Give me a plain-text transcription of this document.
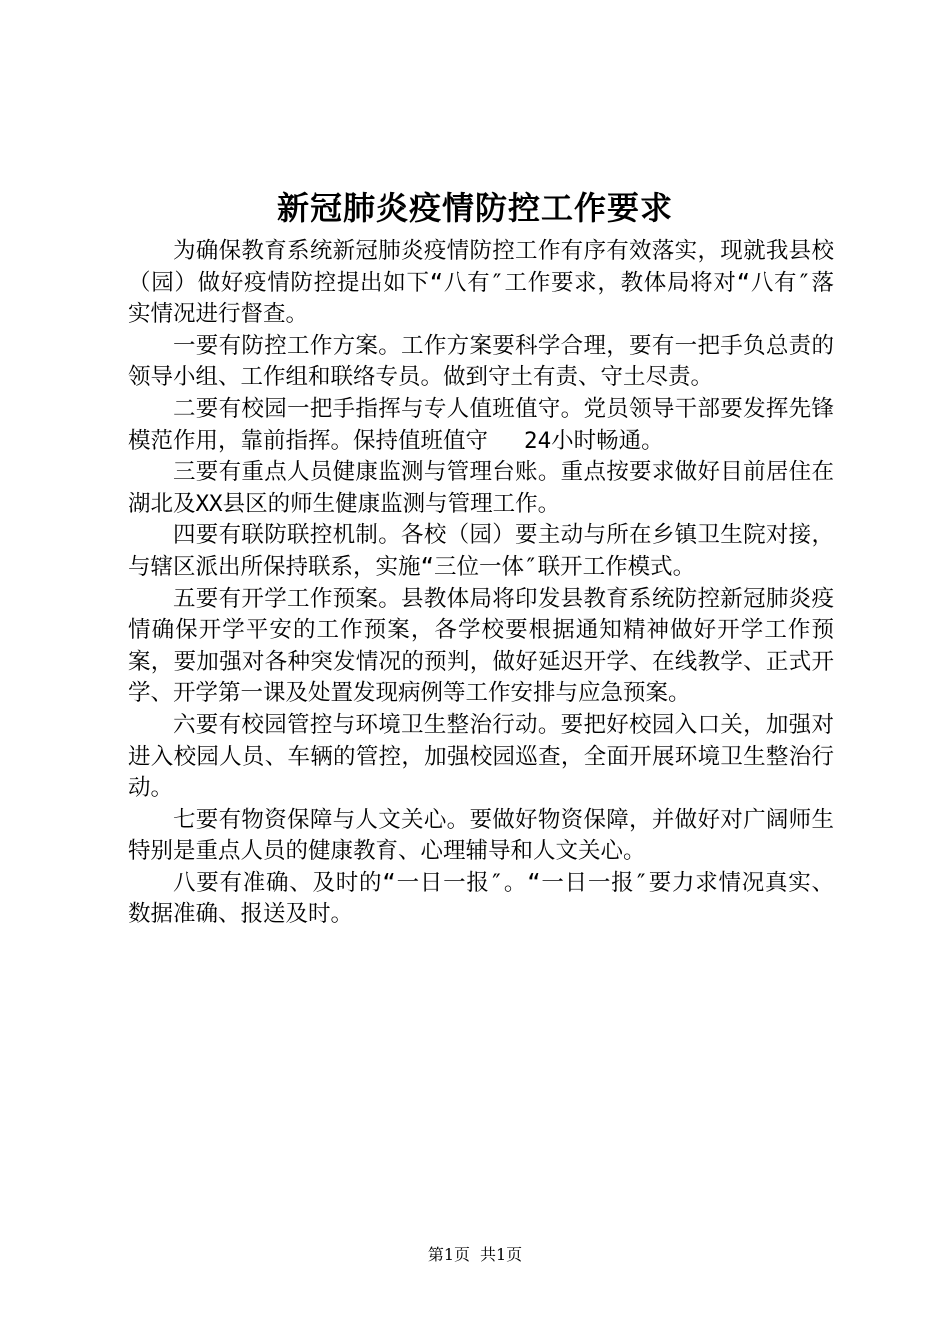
新冠肺炎疫情防控工作要求

为确保教育系统新冠肺炎疫情防控工作有序有效落实，现就我县校（园）做好疫情防控提出如下“八有″工作要求，教体局将对“八有″落实情况进行督查。

一要有防控工作方案。工作方案要科学合理，要有一把手负总责的领导小组、工作组和联络专员。做到守土有责、守土尽责。

二要有校园一把手指挥与专人值班值守。党员领导干部要发挥先锋模范作用，靠前指挥。保持值班值守　 24小时畅通。

三要有重点人员健康监测与管理台账。重点按要求做好目前居住在湖北及XX县区的师生健康监测与管理工作。

四要有联防联控机制。各校（园）要主动与所在乡镇卫生院对接，与辖区派出所保持联系，实施“三位一体″联开工作模式。

五要有开学工作预案。县教体局将印发县教育系统防控新冠肺炎疫情确保开学平安的工作预案，各学校要根据通知精神做好开学工作预案，要加强对各种突发情况的预判，做好延迟开学、在线教学、正式开学、开学第一课及处置发现病例等工作安排与应急预案。

六要有校园管控与环境卫生整治行动。要把好校园入口关，加强对进入校园人员、车辆的管控，加强校园巡查，全面开展环境卫生整治行动。

七要有物资保障与人文关心。要做好物资保障，并做好对广阔师生特别是重点人员的健康教育、心理辅导和人文关心。

八要有准确、及时的“一日一报″。“一日一报″要力求情况真实、数据准确、报送及时。

第1页 共1页
